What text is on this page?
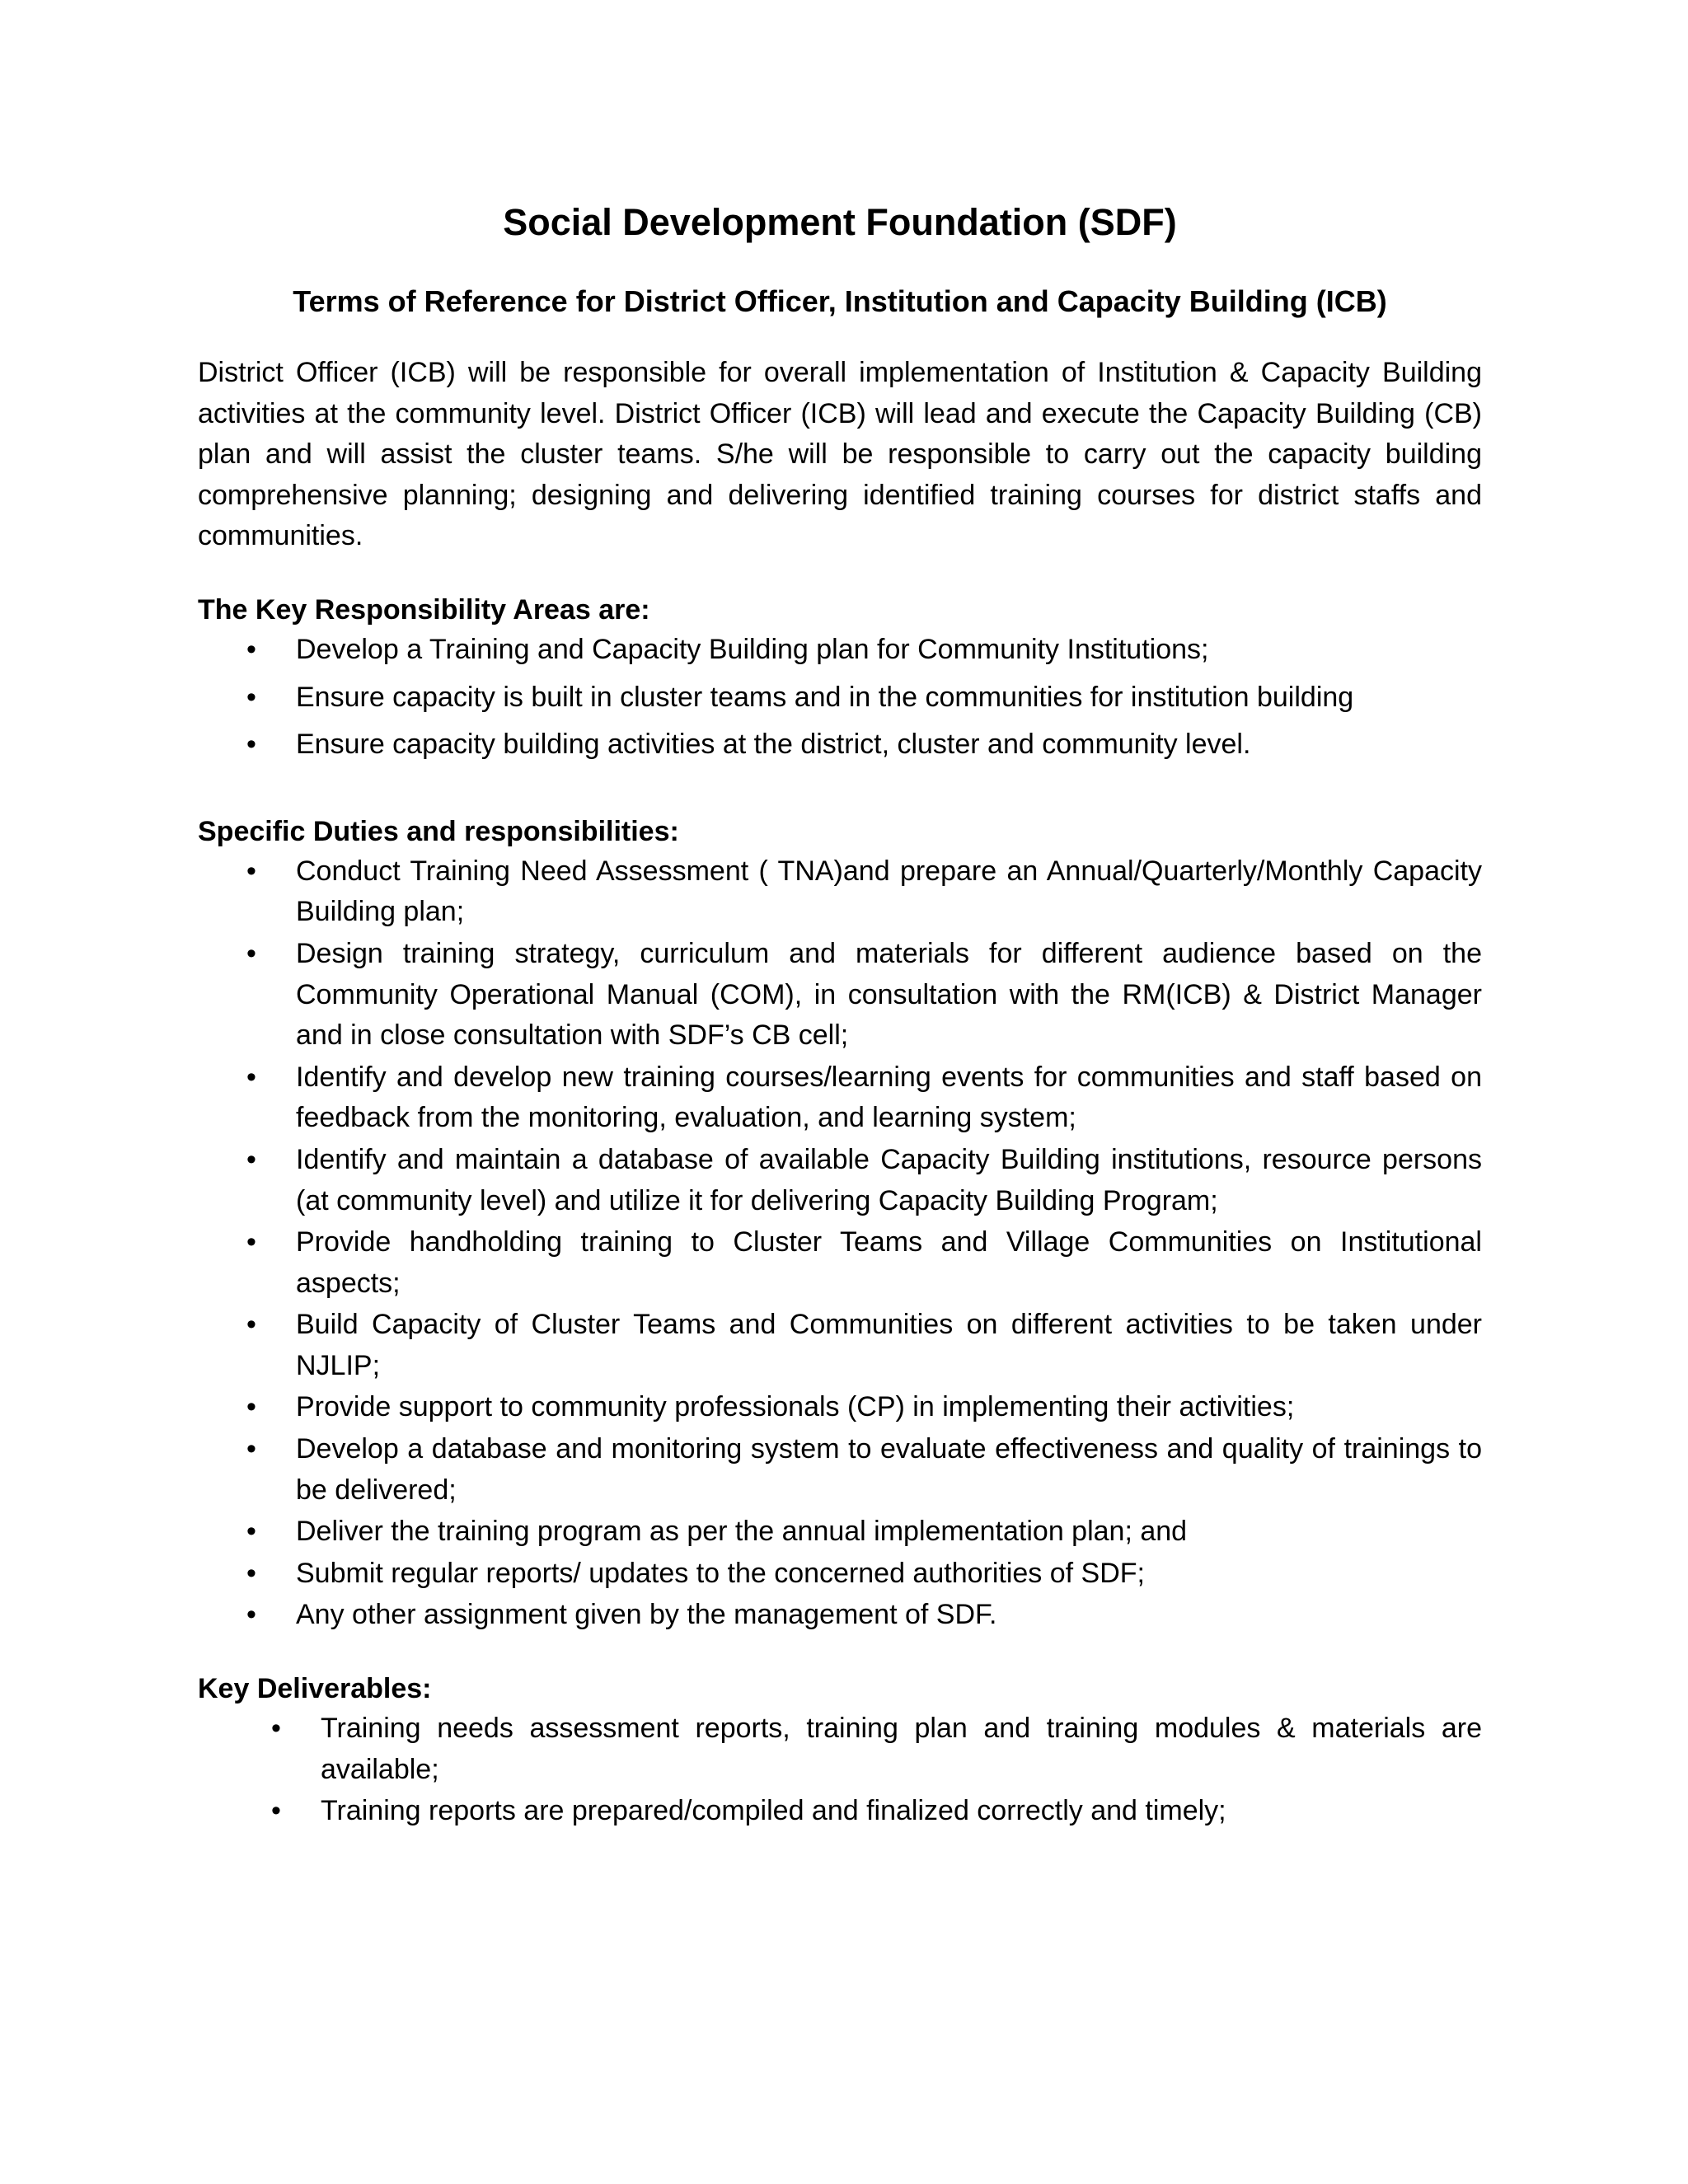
Social Development Foundation (SDF)
Terms of Reference for District Officer, Institution and Capacity Building (ICB)

District Officer (ICB) will be responsible for overall implementation of Institution & Capacity Building activities at the community level. District Officer (ICB) will lead and execute the Capacity Building (CB) plan and will assist the cluster teams. S/he will be responsible to carry out the capacity building comprehensive planning; designing and delivering identified training courses for district staffs and communities.

The Key Responsibility Areas are:
• Develop a Training and Capacity Building plan for Community Institutions;
• Ensure capacity is built in cluster teams and in the communities for institution building
• Ensure capacity building activities at the district, cluster and community level.
Specific Duties and responsibilities:
• Conduct Training Need Assessment ( TNA)and prepare an Annual/Quarterly/Monthly Capacity Building plan;
• Design training strategy, curriculum and materials for different audience based on the Community Operational Manual (COM), in consultation with the RM(ICB) & District Manager and in close consultation with SDF’s CB cell;
• Identify and develop new training courses/learning events for communities and staff based on feedback from the monitoring, evaluation, and learning system;
• Identify and maintain a database of available Capacity Building institutions, resource persons (at community level) and utilize it for delivering Capacity Building Program;
• Provide handholding training to Cluster Teams and Village Communities on Institutional aspects;
• Build Capacity of Cluster Teams and Communities on different activities to be taken under NJLIP;
• Provide support to community professionals (CP) in implementing their activities;
• Develop a database and monitoring system to evaluate effectiveness and quality of trainings to be delivered;
• Deliver the training program as per the annual implementation plan; and
• Submit regular reports/ updates to the concerned authorities of SDF;
• Any other assignment given by the management of SDF.
Key Deliverables:
• Training needs assessment reports, training plan and training modules & materials are available;
• Training reports are prepared/compiled and finalized correctly and timely;
